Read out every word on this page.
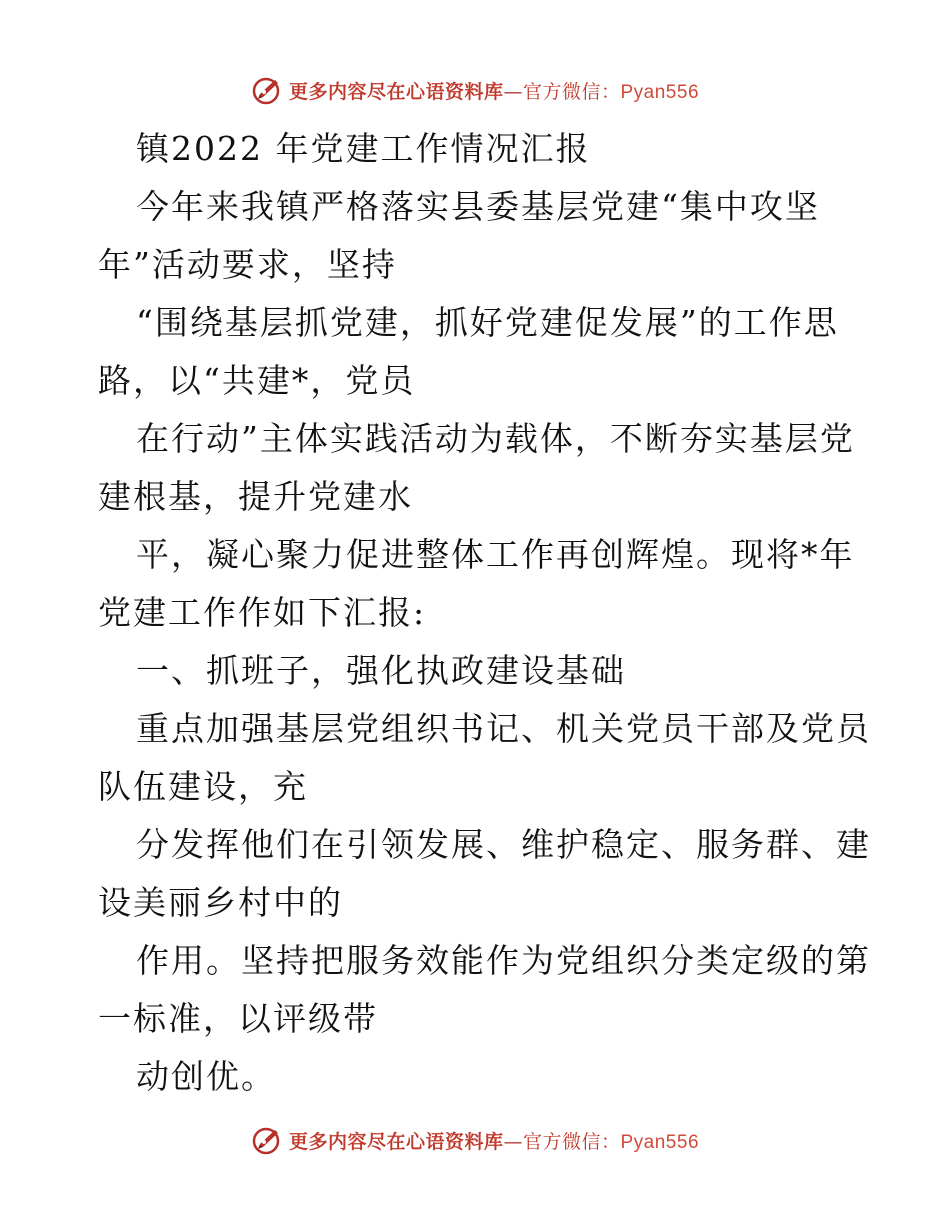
更多内容尽在心语资料库—官方微信：Pyan556
镇2022 年党建工作情况汇报
今年来我镇严格落实县委基层党建“集中攻坚
年”活动要求，坚持
“围绕基层抓党建，抓好党建促发展”的工作思
路，以“共建*，党员
在行动”主体实践活动为载体，不断夯实基层党
建根基，提升党建水
平，凝心聚力促进整体工作再创辉煌。现将*年
党建工作作如下汇报:
一、抓班子，强化执政建设基础
重点加强基层党组织书记、机关党员干部及党员
队伍建设，充
分发挥他们在引领发展、维护稳定、服务群、建
设美丽乡村中的
作用。坚持把服务效能作为党组织分类定级的第
一标准，以评级带
动创优。
更多内容尽在心语资料库—官方微信：Pyan556
